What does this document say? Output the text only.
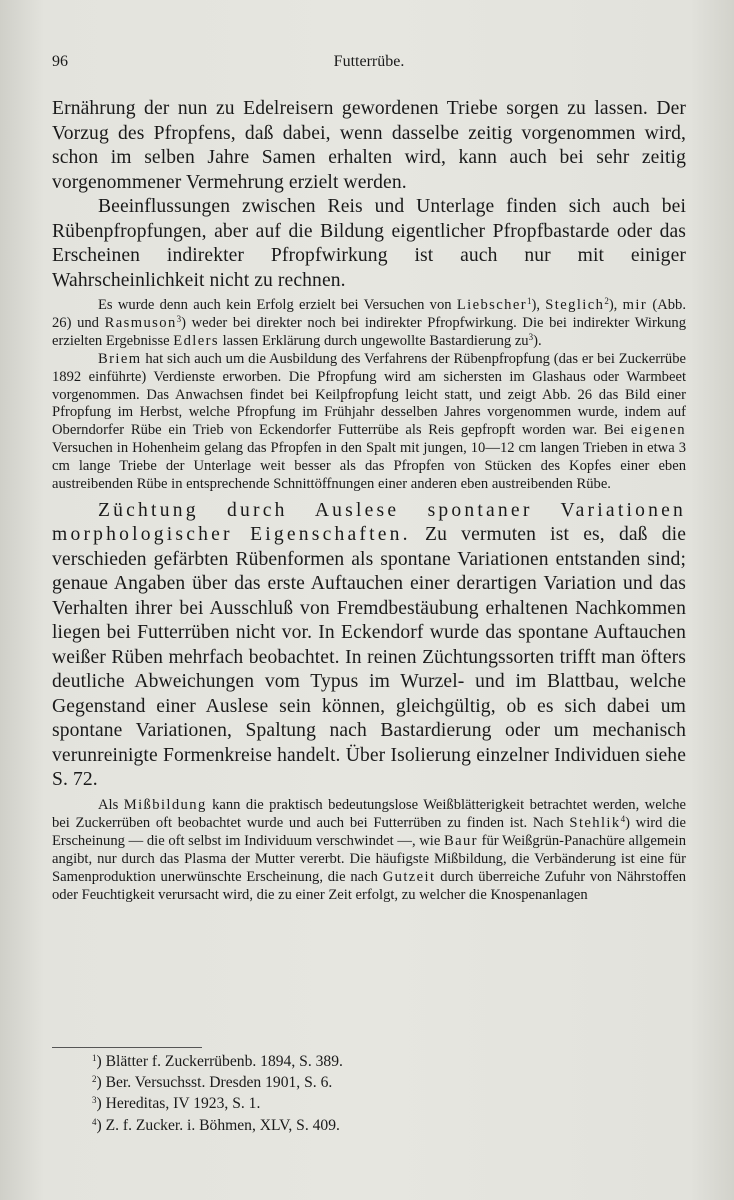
96	Futterrübe.

Ernährung der nun zu Edelreisern gewordenen Triebe sorgen zu lassen. Der Vorzug des Pfropfens, daß dabei, wenn dasselbe zeitig vorgenommen wird, schon im selben Jahre Samen erhalten wird, kann auch bei sehr zeitig vorgenommener Vermehrung erzielt werden.

Beeinflussungen zwischen Reis und Unterlage finden sich auch bei Rübenpfropfungen, aber auf die Bildung eigentlicher Pfropfbastarde oder das Erscheinen indirekter Pfropfwirkung ist auch nur mit einiger Wahrscheinlichkeit nicht zu rechnen.

Es wurde denn auch kein Erfolg erzielt bei Versuchen von Liebscher$^1$), Steglich$^2$), mir (Abb. 26) und Rasmuson$^3$) weder bei direkter noch bei indirekter Pfropfwirkung. Die bei indirekter Wirkung erzielten Ergebnisse Edlers lassen Erklärung durch ungewollte Bastardierung $zu^3$).

Briem hat sich auch um die Ausbildung des Verfahrens der Rübenpfropfung (das er bei Zuckerrübe 1892 einführte) Verdienste erworben. Die Pfropfung wird am sichersten im Glashaus oder Warmbeet vorgenommen. Das Anwachsen findet bei Keilpfropfung leicht statt, und zeigt Abb. 26 das Bild einer Pfropfung im Herbst, welche Pfropfung im Frühjahr desselben Jahres vorgenommen wurde, indem auf Oberndorfer Rübe ein Trieb von Eckendorfer Futterrübe als Reis gepfropft worden war. Bei eigenen Versuchen in Hohenheim gelang das Pfropfen in den Spalt mit jungen, 10—12 cm langen Trieben in etwa 3 cm lange Triebe der Unterlage weit besser als das Pfropfen von Stücken des Kopfes einer eben austreibenden Rübe in entsprechende Schnittöffnungen einer anderen eben austreibenden Rübe.

Züchtung durch Auslese spontaner Variationen morphologischer Eigenschaften. Zu vermuten ist es, daß die verschieden gefärbten Rübenformen als spontane Variationen entstanden sind; genaue Angaben über das erste Auftauchen einer derartigen Variation und das Verhalten ihrer bei Ausschluß von Fremdbestäubung erhaltenen Nachkommen liegen bei Futterrüben nicht vor. In Eckendorf wurde das spontane Auftauchen weißer Rüben mehrfach beobachtet. In reinen Züchtungssorten trifft man öfters deutliche Abweichungen vom Typus im Wurzel- und im Blattbau, welche Gegenstand einer Auslese sein können, gleichgültig, ob es sich dabei um spontane Variationen, Spaltung nach Bastardierung oder um mechanisch verunreinigte Formenkreise handelt. Über Isolierung einzelner Individuen siehe S. 72.

Als Mißbildung kann die praktisch bedeutungslose Weißblätterigkeit betrachtet werden, welche bei Zuckerrüben oft beobachtet wurde und auch bei Futterrüben zu finden ist. Nach Stehlik$^4$) wird die Erscheinung — die oft selbst im Individuum verschwindet —, wie Baur für Weißgrün-Panachüre allgemein angibt, nur durch das Plasma der Mutter vererbt. Die häufigste Mißbildung, die Verbänderung ist eine für Samenproduktion unerwünschte Erscheinung, die nach Gutzeit durch überreiche Zufuhr von Nährstoffen oder Feuchtigkeit verursacht wird, die zu einer Zeit erfolgt, zu welcher die Knospenanlagen

$^1$) Blätter f. Zuckerrübenb. 1894, S. 389.
$^2$) Ber. Versuchsst. Dresden 1901, S. 6.
$^3$) Hereditas, IV 1923, S. 1.
$^4$) Z. f. Zucker. i. Böhmen, XLV, S. 409.
